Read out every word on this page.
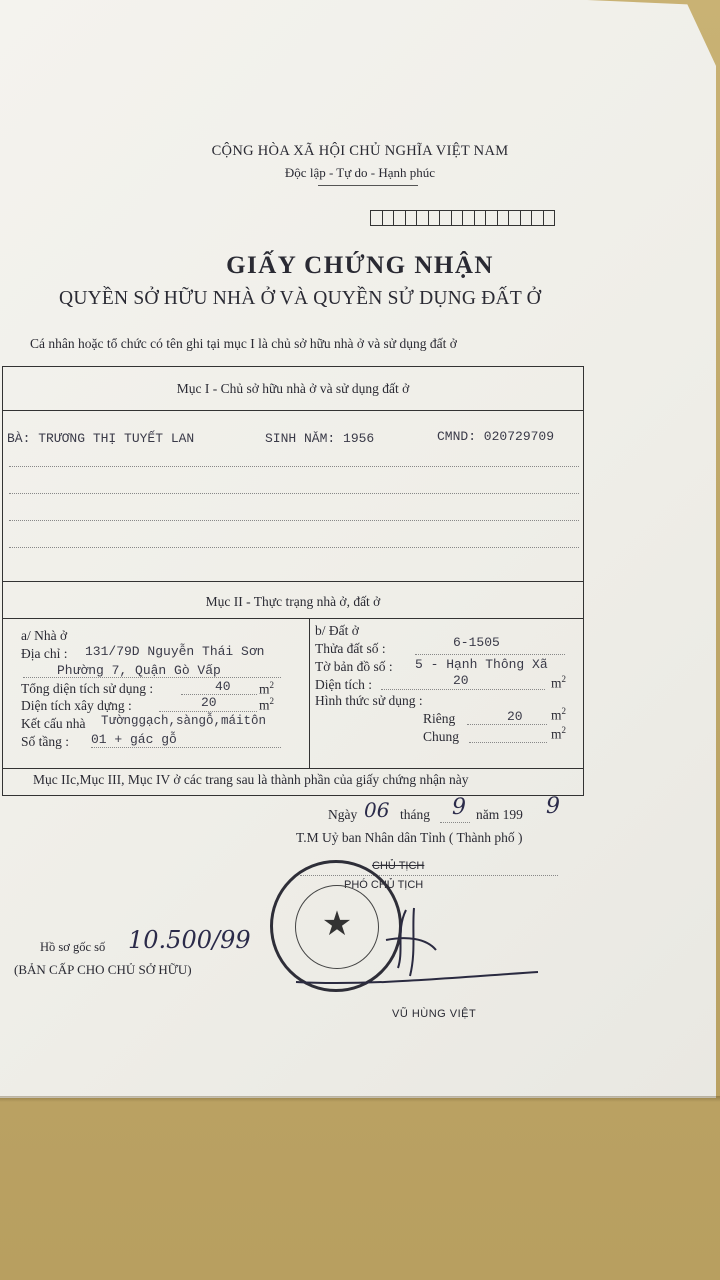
CỘNG HÒA XÃ HỘI CHỦ NGHĨA VIỆT NAM
Độc lập - Tự do - Hạnh phúc
GIẤY CHỨNG NHẬN
QUYỀN SỞ HỮU NHÀ Ở VÀ QUYỀN SỬ DỤNG ĐẤT Ở
Cá nhân hoặc tổ chức có tên ghi tại mục I là chủ sở hữu nhà ở và sử dụng đất ở
Mục I - Chủ sở hữu nhà ở và sử dụng đất ở
BÀ: TRƯƠNG THỊ TUYẾT LAN	SINH NĂM: 1956	CMND: 020729709
Mục II - Thực trạng nhà ở, đất ở
a/ Nhà ở
Địa chỉ : 131/79D Nguyễn Thái Sơn
Phường 7, Quận Gò Vấp
Tổng diện tích sử dụng :	40 $m^2$
Diện tích xây dựng :	20	$m^2$
Kết cấu nhà Tườnggạch,sàngỗ,máitôn
Số tầng : 01 + gác gỗ
b/ Đất ở
Thửa đất số :	6-1505
Tờ bản đồ số : 5 - Hạnh Thông Xã
Diện tích :	20	$m^2$
Hình thức sử dụng :
Riêng	20 $m^2$
Chung	$m^2$
Mục IIc,Mục III, Mục IV ở các trang sau là thành phần của giấy chứng nhận này
Ngày 06 tháng 9 năm 199 9
T.M Uỷ ban Nhân dân Tỉnh ( Thành phố )
CHỦ TỊCH
PHÓ CHỦ TỊCH
★
VŨ HÙNG VIỆT
Hồ sơ gốc số 10.500/99
(BẢN CẤP CHO CHỦ SỞ HỮU)
